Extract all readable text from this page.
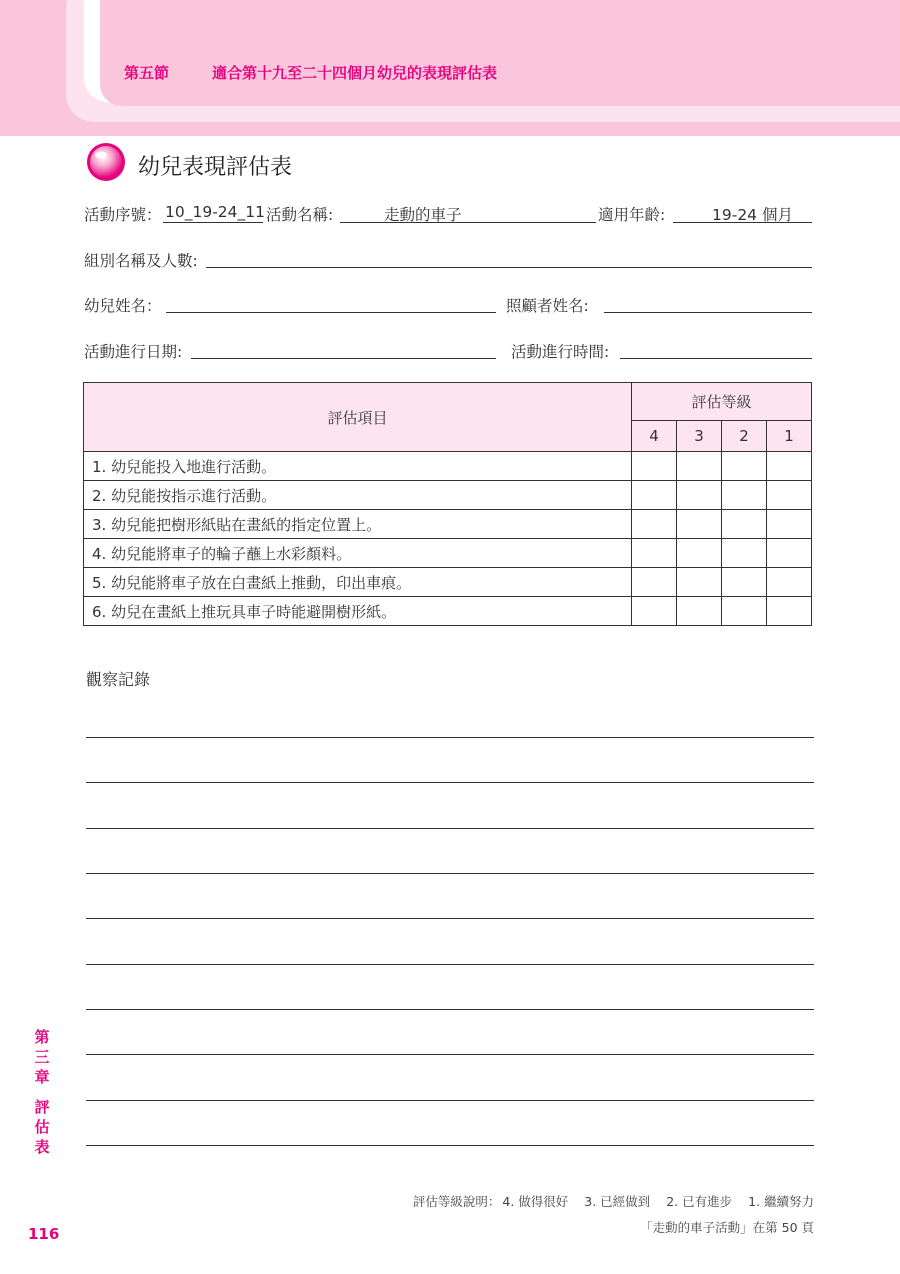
第五節	適合第十九至二十四個月幼兒的表現評估表
幼兒表現評估表
活動序號： 10_19-24_11 活動名稱:	走動的車子	適用年齡:	19-24 個月
組別名稱及人數:
幼兒姓名：	照顧者姓名:
活動進行日期:	活動進行時間:
評估項目	評估等級			
	4	3	2	1
1. 幼兒能投入地進行活動。				
2. 幼兒能按指示進行活動。				
3. 幼兒能把樹形紙貼在畫紙的指定位置上。				
4. 幼兒能將車子的輪子蘸上水彩顏料。				
5. 幼兒能將車子放在白畫紙上推動，印出車痕。				
6. 幼兒在畫紙上推玩具車子時能避開樹形紙。				
觀察記錄
第
三
章
評
估
表
116
評估等級說明： 4. 做得很好 3. 已經做到 2. 已有進步 1. 繼續努力
「走動的車子活動」在第 50 頁
